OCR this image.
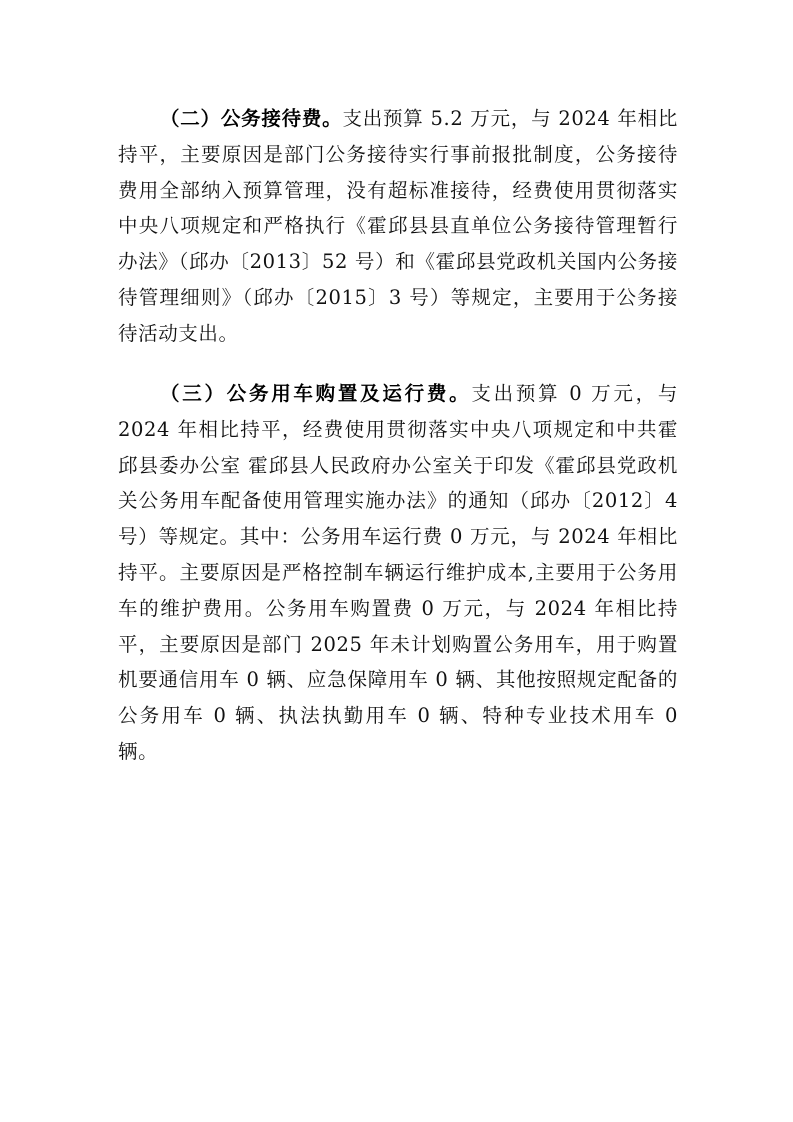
（二）公务接待费。支出预算 5.2 万元，与 2024 年相比持平，主要原因是部门公务接待实行事前报批制度，公务接待费用全部纳入预算管理，没有超标准接待，经费使用贯彻落实中央八项规定和严格执行《霍邱县县直单位公务接待管理暂行办法》（邱办〔2013〕52 号）和《霍邱县党政机关国内公务接待管理细则》（邱办〔2015〕3 号）等规定，主要用于公务接待活动支出。

（三）公务用车购置及运行费。支出预算 0 万元，与 2024 年相比持平，经费使用贯彻落实中央八项规定和中共霍邱县委办公室 霍邱县人民政府办公室关于印发《霍邱县党政机关公务用车配备使用管理实施办法》的通知（邱办〔2012〕4 号）等规定。其中：公务用车运行费 0 万元，与 2024 年相比持平。主要原因是严格控制车辆运行维护成本,主要用于公务用车的维护费用。公务用车购置费 0 万元，与 2024 年相比持平，主要原因是部门 2025 年未计划购置公务用车，用于购置机要通信用车 0 辆、应急保障用车 0 辆、其他按照规定配备的公务用车 0 辆、执法执勤用车 0 辆、特种专业技术用车 0 辆。
